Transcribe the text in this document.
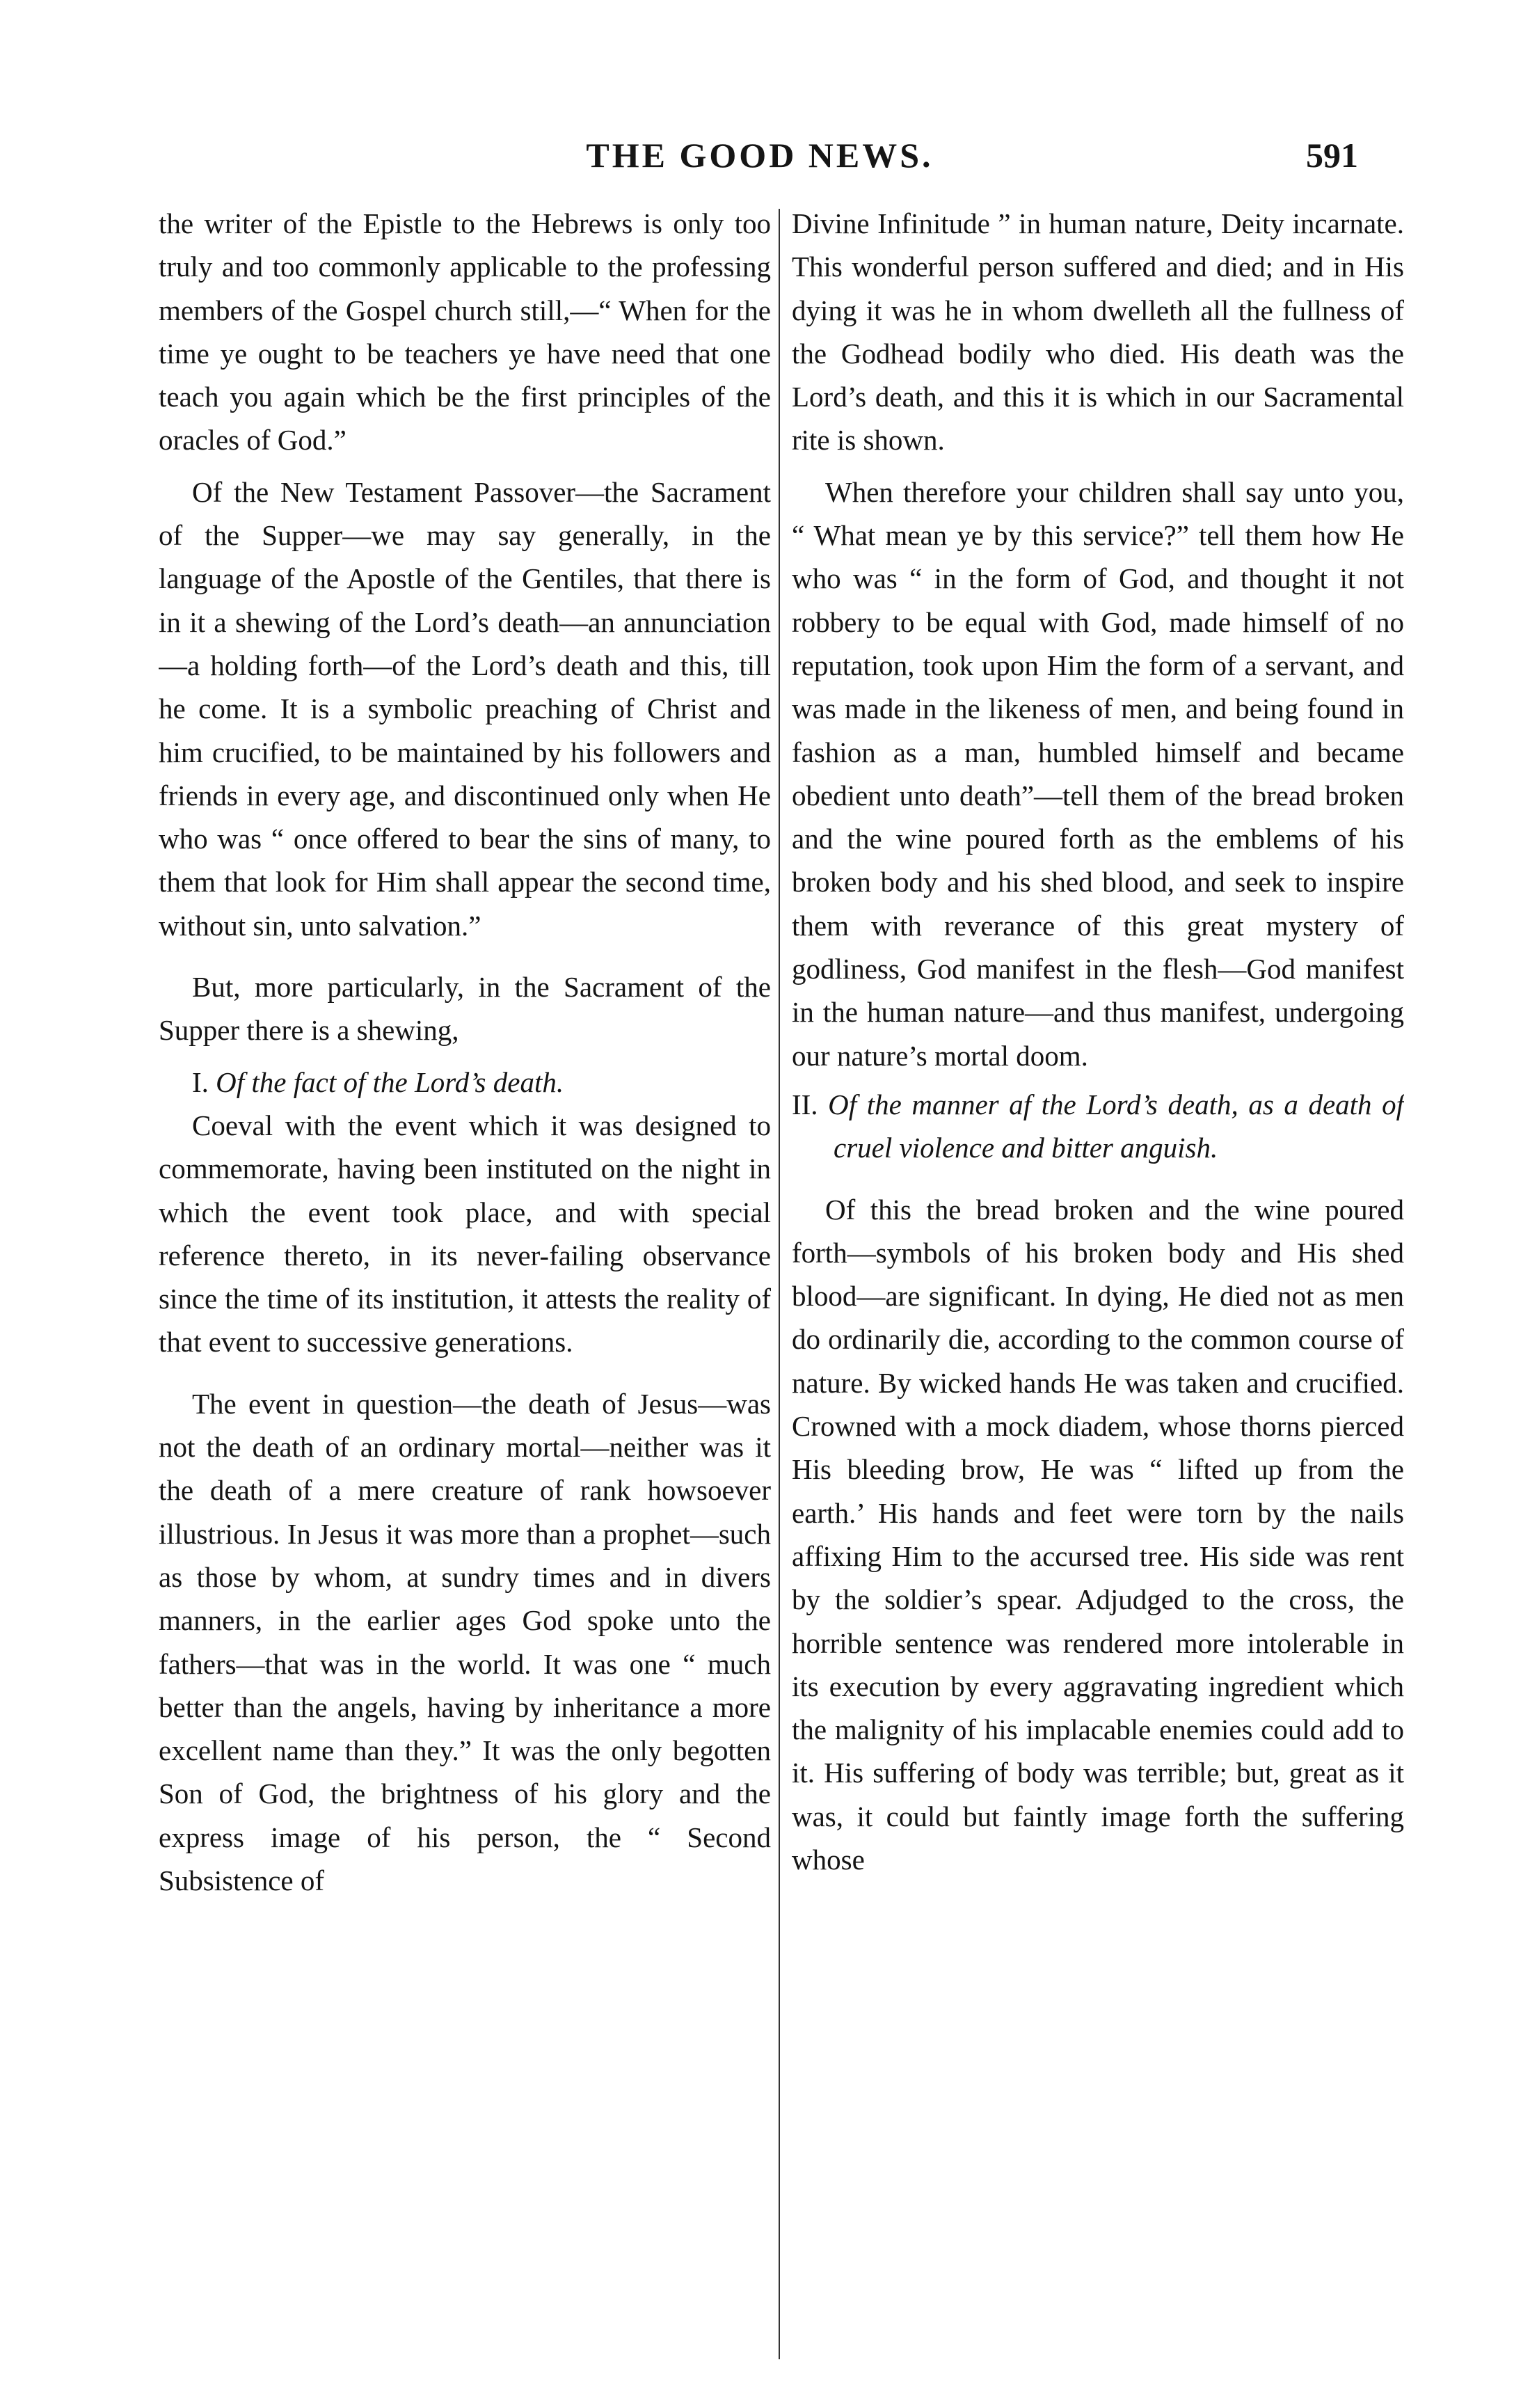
THE GOOD NEWS.	591

the writer of the Epistle to the Hebrews is only too truly and too commonly applicable to the professing members of the Gospel church still,—“ When for the time ye ought to be teachers ye have need that one teach you again which be the first principles of the oracles of God.”

Of the New Testament Passover—the Sacrament of the Supper—we may say generally, in the language of the Apostle of the Gentiles, that there is in it a shewing of the Lord’s death—an annunciation —a holding forth—of the Lord’s death and this, till he come. It is a symbolic preaching of Christ and him crucified, to be maintained by his followers and friends in every age, and discontinued only when He who was “ once offered to bear the sins of many, to them that look for Him shall appear the second time, without sin, unto salvation.”

But, more particularly, in the Sacrament of the Supper there is a shewing,

I. Of the fact of the Lord’s death.

Coeval with the event which it was designed to commemorate, having been instituted on the night in which the event took place, and with special reference thereto, in its never-failing observance since the time of its institution, it attests the reality of that event to successive generations.

The event in question—the death of Jesus—was not the death of an ordinary mortal—neither was it the death of a mere creature of rank howsoever illustrious. In Jesus it was more than a prophet—such as those by whom, at sundry times and in divers manners, in the earlier ages God spoke unto the fathers—that was in the world. It was one “ much better than the angels, having by inheritance a more excellent name than they.” It was the only begotten Son of God, the brightness of his glory and the express image of his person, the “ Second Subsistence of

Divine Infinitude ” in human nature, Deity incarnate. This wonderful person suffered and died; and in His dying it was he in whom dwelleth all the fullness of the Godhead bodily who died. His death was the Lord’s death, and this it is which in our Sacramental rite is shown.

When therefore your children shall say unto you, “ What mean ye by this service?” tell them how He who was “ in the form of God, and thought it not robbery to be equal with God, made himself of no reputation, took upon Him the form of a servant, and was made in the likeness of men, and being found in fashion as a man, humbled himself and became obedient unto death”—tell them of the bread broken and the wine poured forth as the emblems of his broken body and his shed blood, and seek to inspire them with reverance of this great mystery of godliness, God manifest in the flesh—God manifest in the human nature—and thus manifest, undergoing our nature’s mortal doom.

II. Of the manner af the Lord’s death, as a death of cruel violence and bitter anguish.

Of this the bread broken and the wine poured forth—symbols of his broken body and His shed blood—are significant. In dying, He died not as men do ordinarily die, according to the common course of nature. By wicked hands He was taken and crucified. Crowned with a mock diadem, whose thorns pierced His bleeding brow, He was “ lifted up from the earth.’ His hands and feet were torn by the nails affixing Him to the accursed tree. His side was rent by the soldier’s spear. Adjudged to the cross, the horrible sentence was rendered more intolerable in its execution by every aggravating ingredient which the malignity of his implacable enemies could add to it. His suffering of body was terrible; but, great as it was, it could but faintly image forth the suffering whose
